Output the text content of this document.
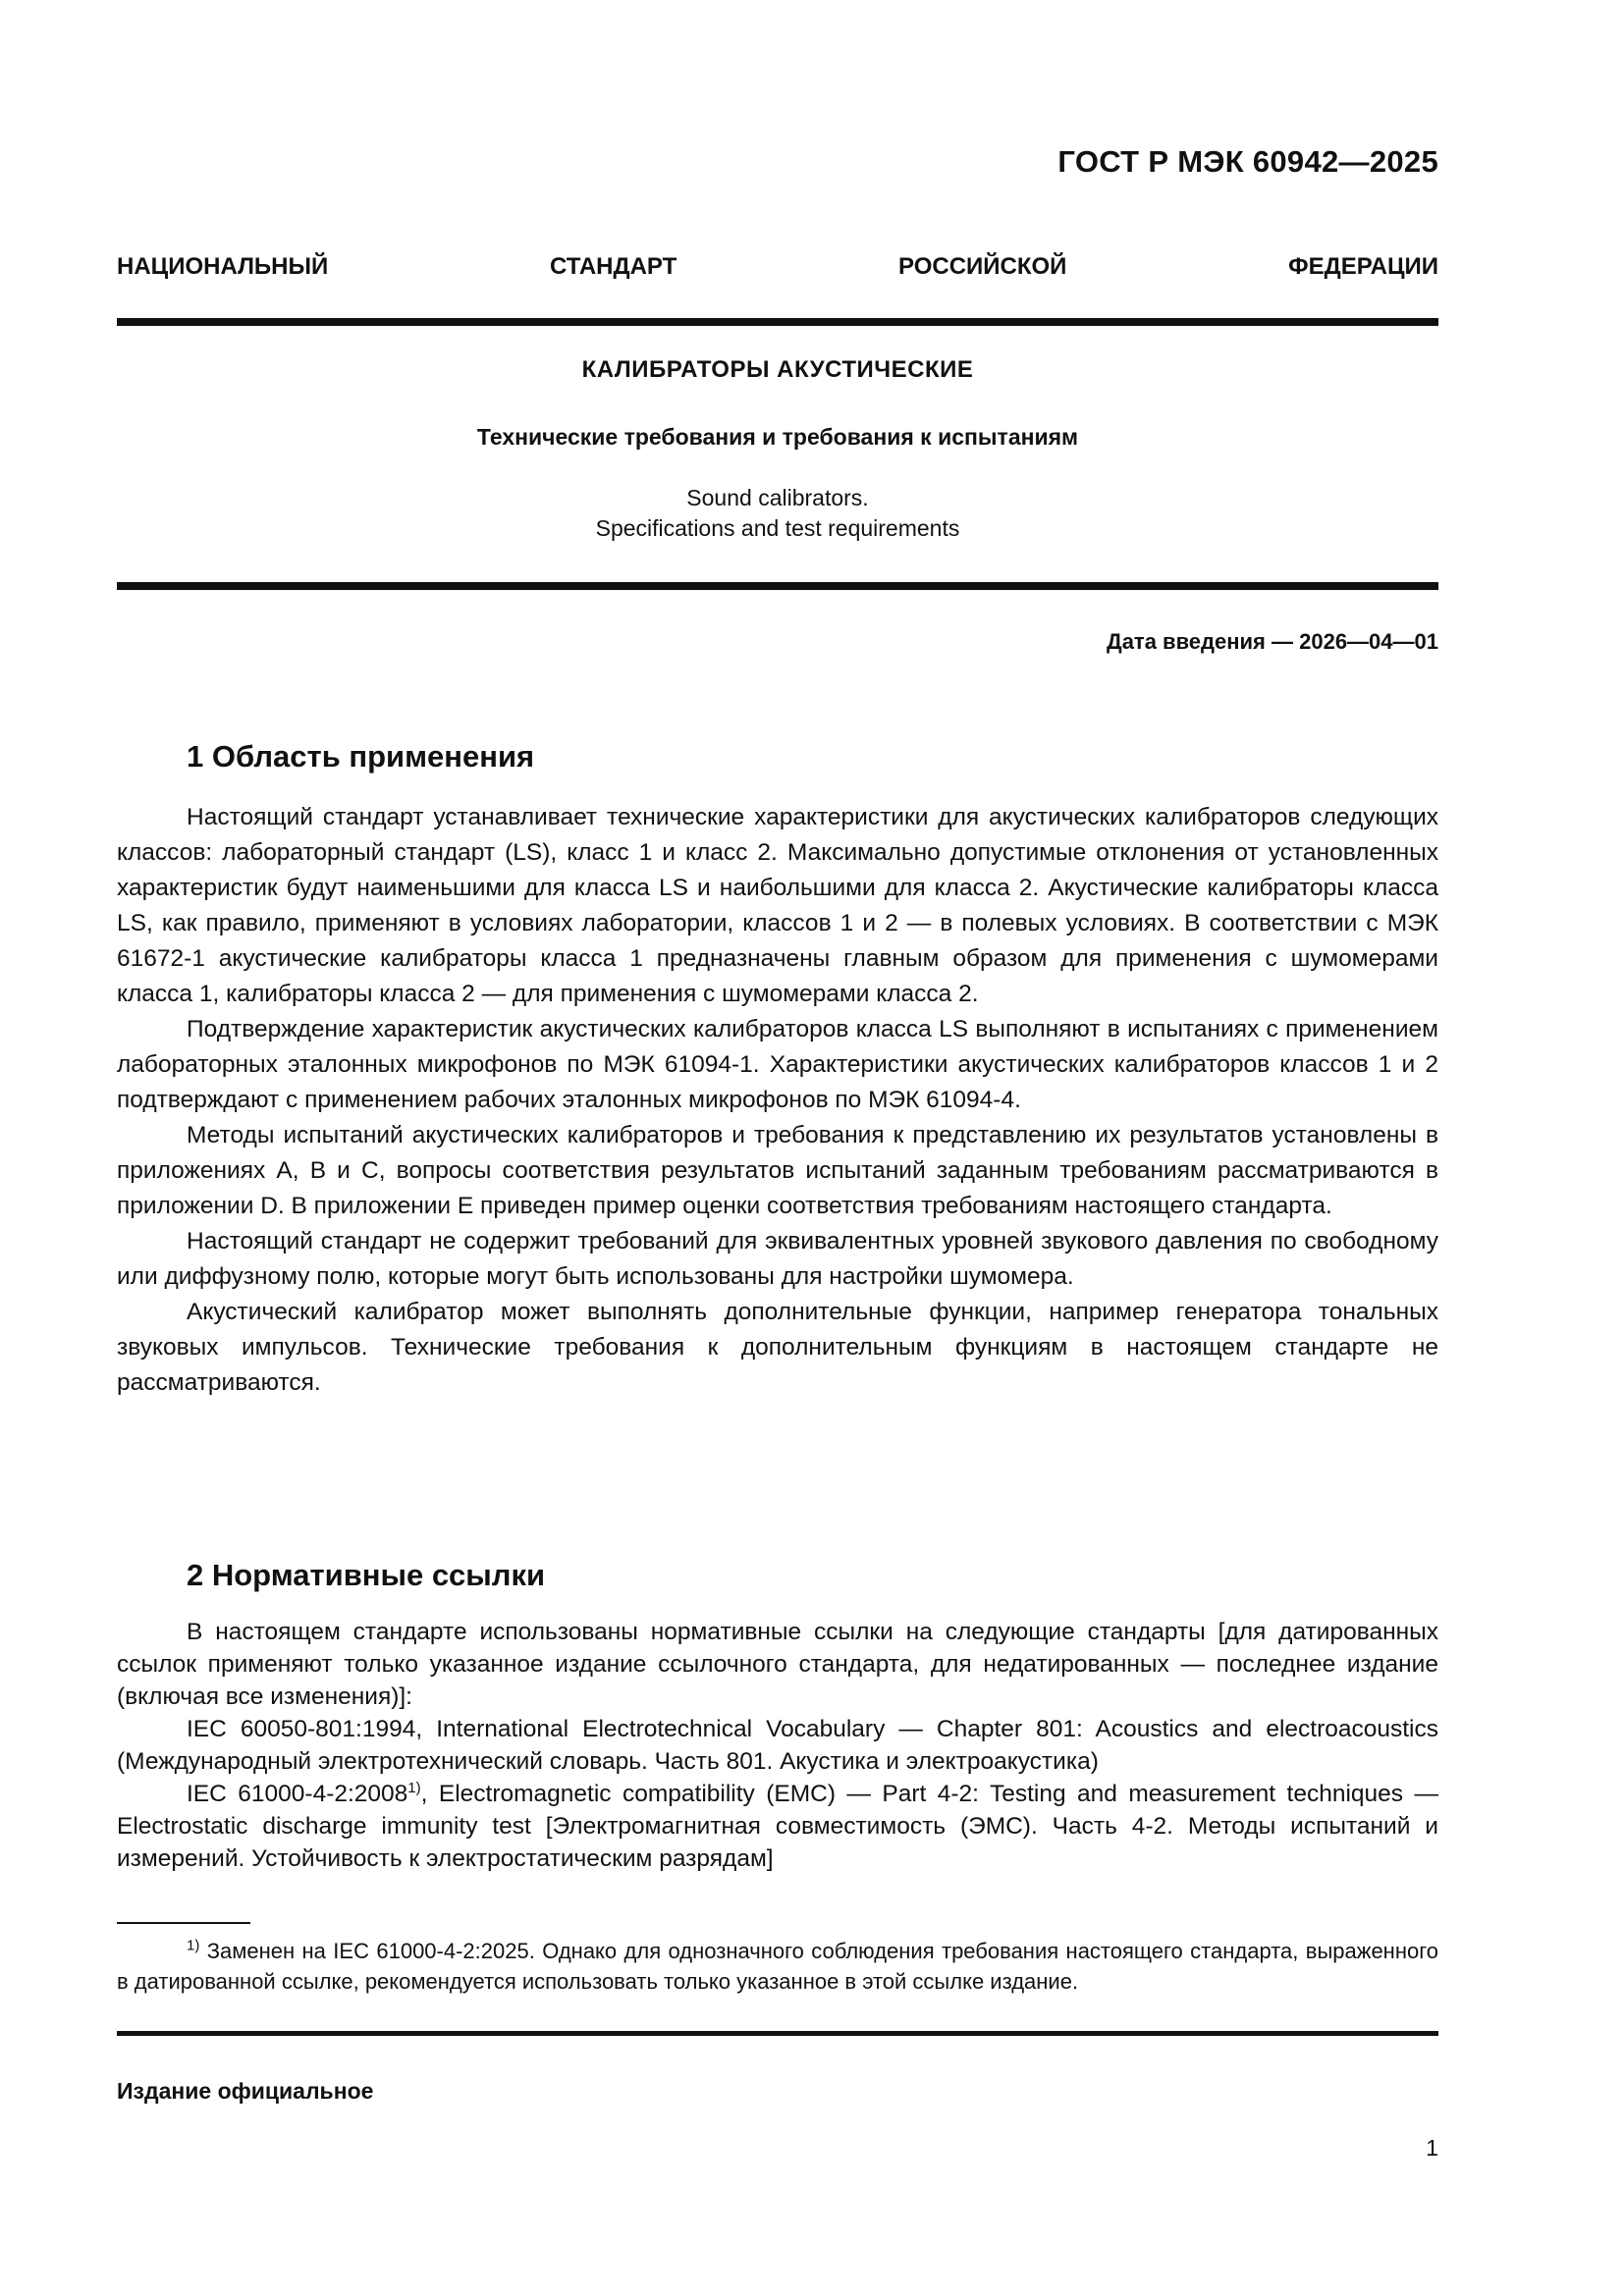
ГОСТ Р МЭК 60942—2025
НАЦИОНАЛЬНЫЙ СТАНДАРТ РОССИЙСКОЙ ФЕДЕРАЦИИ
КАЛИБРАТОРЫ АКУСТИЧЕСКИЕ
Технические требования и требования к испытаниям
Sound calibrators.
Specifications and test requirements
Дата введения — 2026—04—01
1 Область применения

Настоящий стандарт устанавливает технические характеристики для акустических калибраторов следующих классов: лабораторный стандарт (LS), класс 1 и класс 2. Максимально допустимые отклонения от установленных характеристик будут наименьшими для класса LS и наибольшими для класса 2. Акустические калибраторы класса LS, как правило, применяют в условиях лаборатории, классов 1 и 2 — в полевых условиях. В соответствии с МЭК 61672-1 акустические калибраторы класса 1 предназначены главным образом для применения с шумомерами класса 1, калибраторы класса 2 — для применения с шумомерами класса 2.

Подтверждение характеристик акустических калибраторов класса LS выполняют в испытаниях с применением лабораторных эталонных микрофонов по МЭК 61094-1. Характеристики акустических калибраторов классов 1 и 2 подтверждают с применением рабочих эталонных микрофонов по МЭК 61094-4.

Методы испытаний акустических калибраторов и требования к представлению их результатов установлены в приложениях А, В и С, вопросы соответствия результатов испытаний заданным требованиям рассматриваются в приложении D. В приложении Е приведен пример оценки соответствия требованиям настоящего стандарта.

Настоящий стандарт не содержит требований для эквивалентных уровней звукового давления по свободному или диффузному полю, которые могут быть использованы для настройки шумомера.

Акустический калибратор может выполнять дополнительные функции, например генератора тональных звуковых импульсов. Технические требования к дополнительным функциям в настоящем стандарте не рассматриваются.

2 Нормативные ссылки

В настоящем стандарте использованы нормативные ссылки на следующие стандарты [для датированных ссылок применяют только указанное издание ссылочного стандарта, для недатированных — последнее издание (включая все изменения)]:

IEC 60050-801:1994, International Electrotechnical Vocabulary — Chapter 801: Acoustics and electroacoustics (Международный электротехнический словарь. Часть 801. Акустика и электроакустика)

IEC 61000-4-2:2008$^{1)}$, Electromagnetic compatibility (EMC) — Part 4-2: Testing and measurement techniques — Electrostatic discharge immunity test [Электромагнитная совместимость (ЭМС). Часть 4-2. Методы испытаний и измерений. Устойчивость к электростатическим разрядам]

$^{1)}$ Заменен на IEC 61000-4-2:2025. Однако для однозначного соблюдения требования настоящего стандарта, выраженного в датированной ссылке, рекомендуется использовать только указанное в этой ссылке издание.

Издание официальное
1
